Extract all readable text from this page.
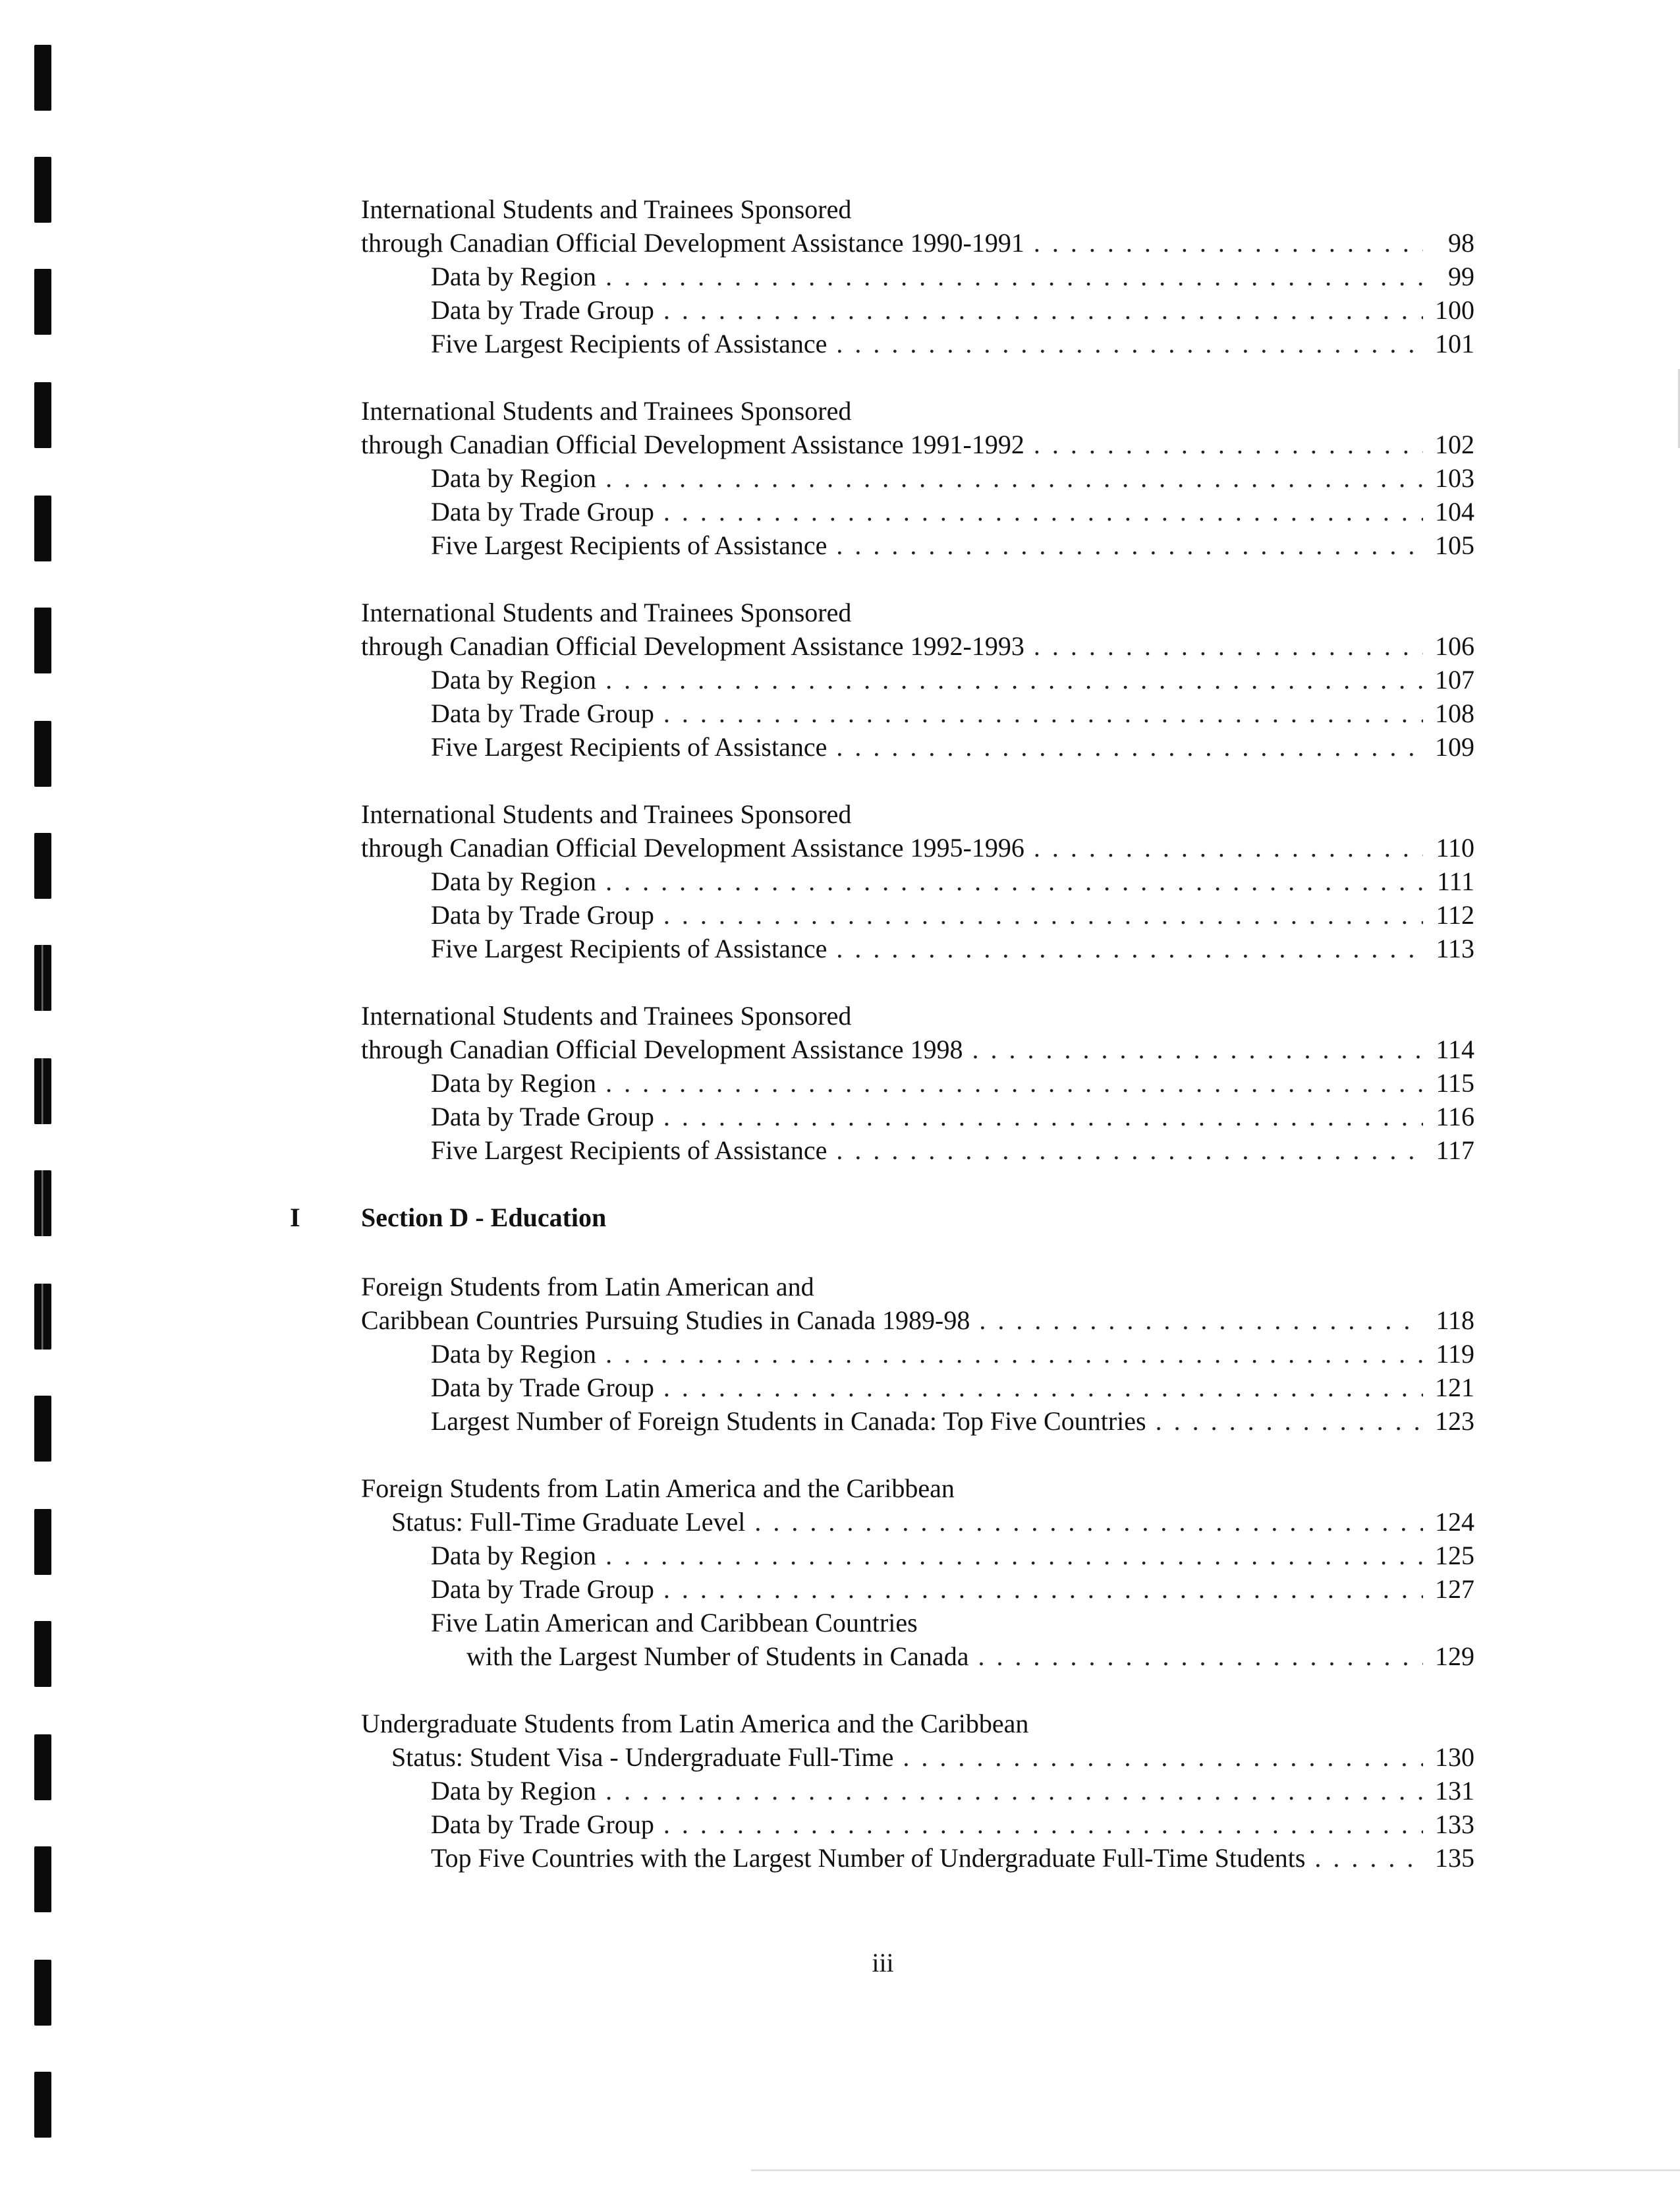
International Students and Trainees Sponsored
through Canadian Official Development Assistance 1990-1991 . . .	98
Data by Region . . .	99
Data by Trade Group . . .	100
Five Largest Recipients of Assistance . . .	101
International Students and Trainees Sponsored
through Canadian Official Development Assistance 1991-1992 . . .	102
Data by Region . . .	103
Data by Trade Group . . .	104
Five Largest Recipients of Assistance . . .	105
International Students and Trainees Sponsored
through Canadian Official Development Assistance 1992-1993 . . .	106
Data by Region . . .	107
Data by Trade Group . . .	108
Five Largest Recipients of Assistance . . .	109
International Students and Trainees Sponsored
through Canadian Official Development Assistance 1995-1996 . . .	110
Data by Region . . .	111
Data by Trade Group . . .	112
Five Largest Recipients of Assistance . . .	113
International Students and Trainees Sponsored
through Canadian Official Development Assistance 1998 . . .	114
Data by Region . . .	115
Data by Trade Group . . .	116
Five Largest Recipients of Assistance . . .	117
I Section D - Education
Foreign Students from Latin American and
Caribbean Countries Pursuing Studies in Canada 1989-98 . . .	118
Data by Region . . .	119
Data by Trade Group . . .	121
Largest Number of Foreign Students in Canada: Top Five Countries . . .	123
Foreign Students from Latin America and the Caribbean
Status: Full-Time Graduate Level . . .	124
Data by Region . . .	125
Data by Trade Group . . .	127
Five Latin American and Caribbean Countries
with the Largest Number of Students in Canada . . .	129
Undergraduate Students from Latin America and the Caribbean
Status: Student Visa - Undergraduate Full-Time . . .	130
Data by Region . . .	131
Data by Trade Group . . .	133
Top Five Countries with the Largest Number of Undergraduate Full-Time Students . . .	135
iii
